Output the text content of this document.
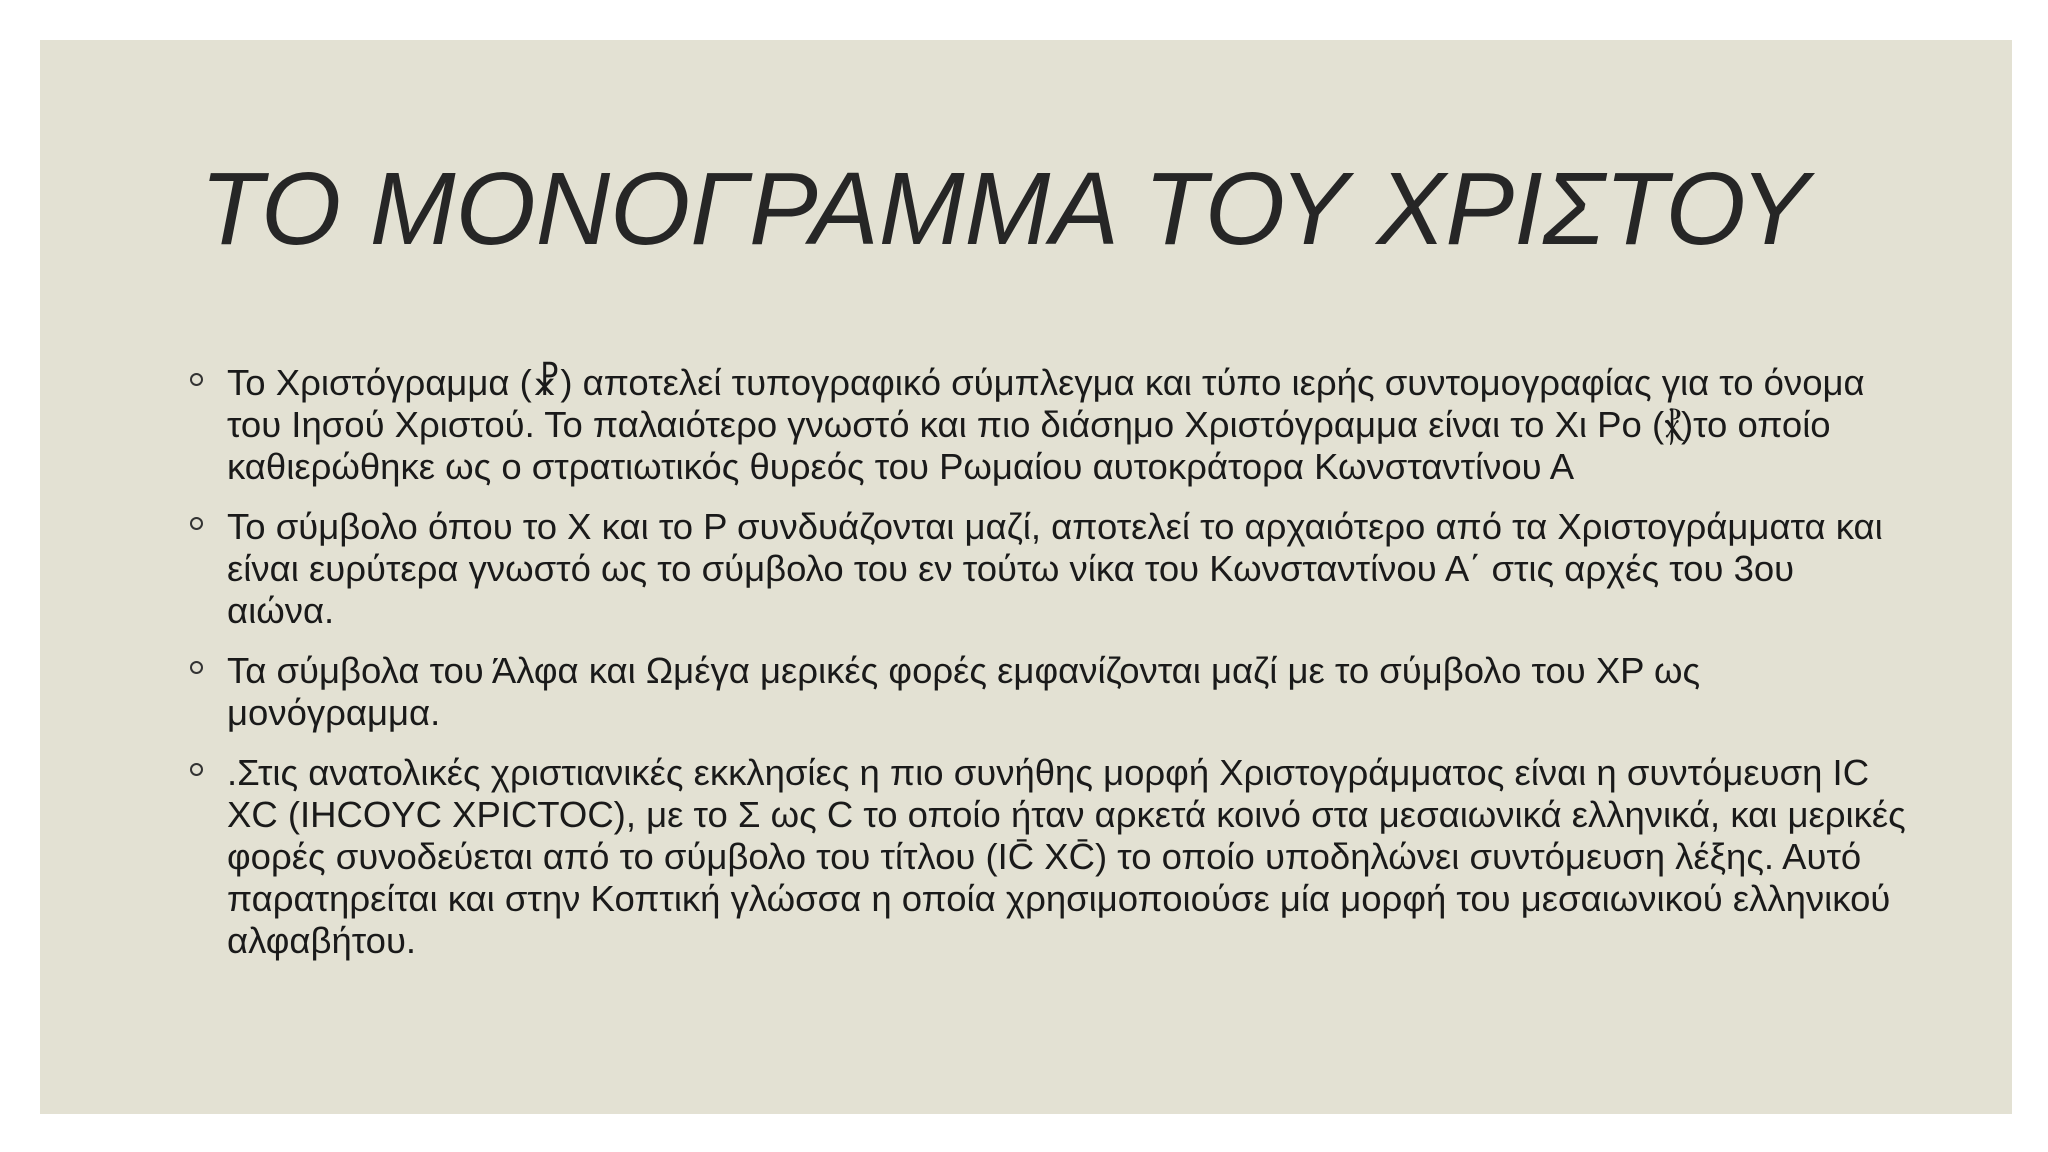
ΤΟ ΜΟΝΟΓΡΑΜΜΑ ΤΟΥ ΧΡΙΣΤΟΥ
Το Χριστόγραμμα (☧) αποτελεί τυπογραφικό σύμπλεγμα και τύπο ιερής συντομογραφίας για το όνομα του Ιησού Χριστού. Το παλαιότερο γνωστό και πιο διάσημο Χριστόγραμμα είναι το Χι Ρο (⳩)το οποίο καθιερώθηκε ως ο στρατιωτικός θυρεός του Ρωμαίου αυτοκράτορα Κωνσταντίνου Α
Το σύμβολο όπου το Χ και το Ρ συνδυάζονται μαζί, αποτελεί το αρχαιότερο από τα Χριστογράμματα και είναι ευρύτερα γνωστό ως το σύμβολο του εν τούτω νίκα του Κωνσταντίνου Α΄ στις αρχές του 3ου αιώνα.
Τα σύμβολα του Άλφα και Ωμέγα μερικές φορές εμφανίζονται μαζί με το σύμβολο του ΧΡ ως μονόγραμμα.
.Στις ανατολικές χριστιανικές εκκλησίες η πιο συνήθης μορφή Χριστογράμματος είναι η συντόμευση IC XC (IHCOYC XPICTOC), με το Σ ως C το οποίο ήταν αρκετά κοινό στα μεσαιωνικά ελληνικά, και μερικές φορές συνοδεύεται από το σύμβολο του τίτλου (IC̄ XC̄) το οποίο υποδηλώνει συντόμευση λέξης. Αυτό παρατηρείται και στην Κοπτική γλώσσα η οποία χρησιμοποιούσε μία μορφή του μεσαιωνικού ελληνικού αλφαβήτου.
